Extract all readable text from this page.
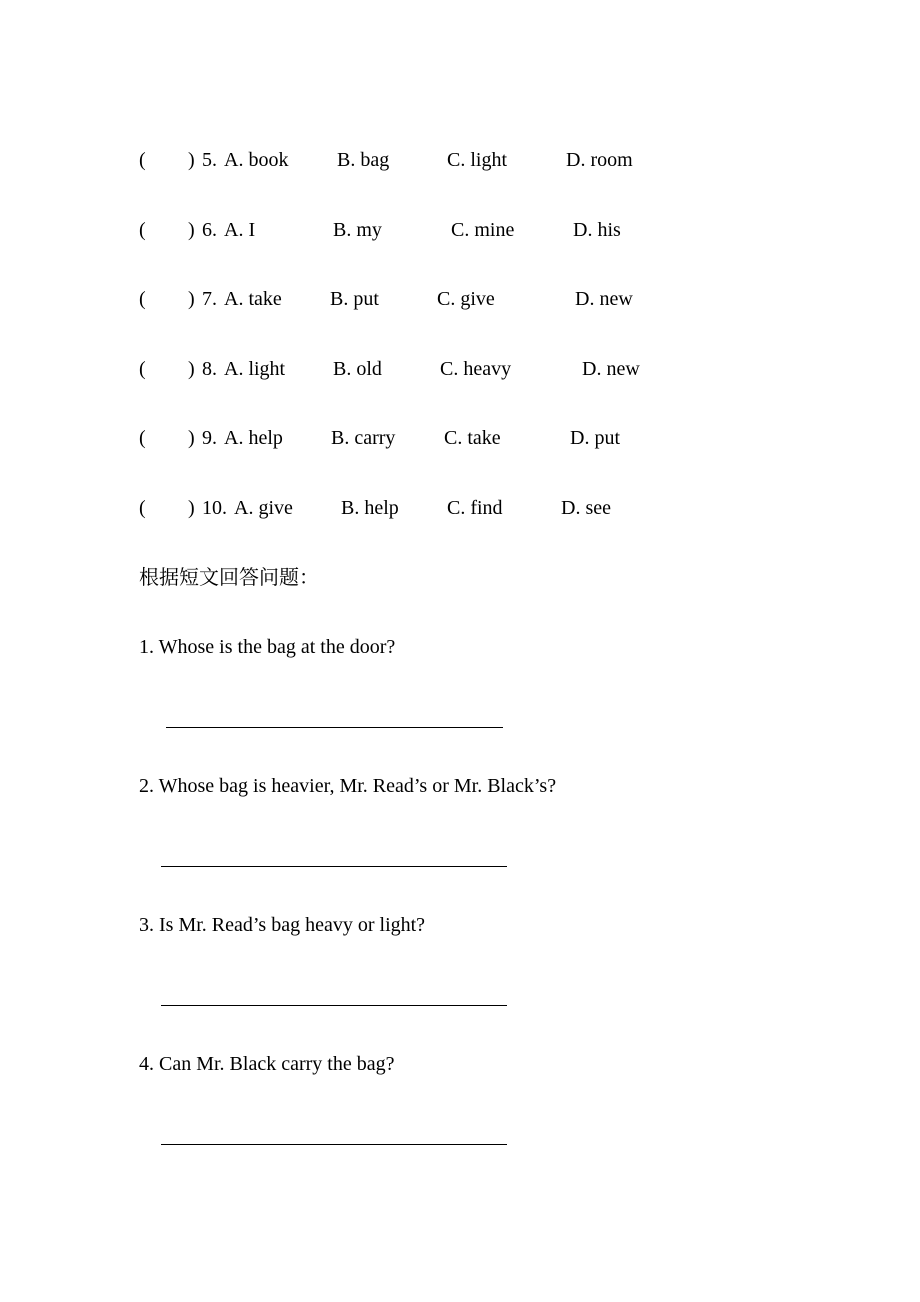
( ) 5. A. book B. bag	C. light	D. room
( ) 6. A. I	B. my	C. mine	D. his
( ) 7. A. take B. put	C. give	D. new
( ) 8. A. light B. old	C. heavy	D. new
( ) 9. A. help B. carry C. take	D. put
( ) 10. A. give B. help C. find	D. see
根据短文回答问题：
1. Whose is the bag at the door?
2. Whose bag is heavier, Mr. Read’s or Mr. Black’s?
3. Is Mr. Read’s bag heavy or light?
4. Can Mr. Black carry the bag?
